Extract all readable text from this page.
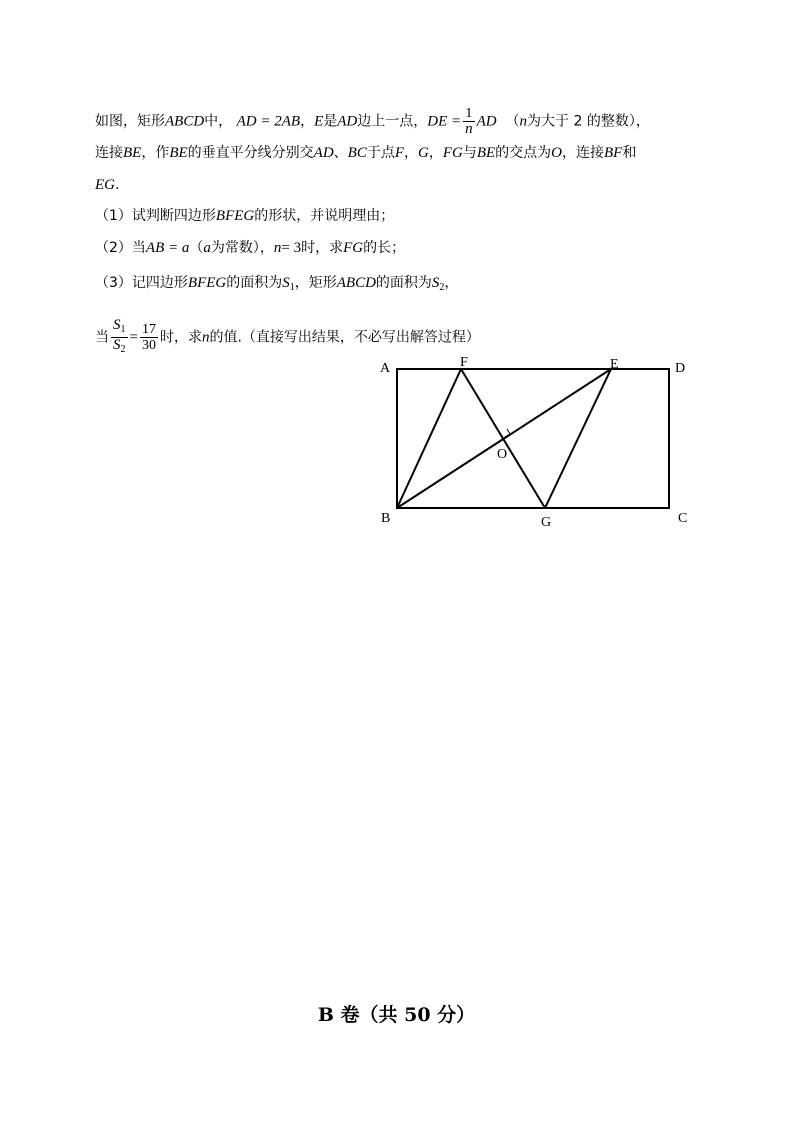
如图，矩形ABCD中， AD = 2AB，E是AD边上一点，DE = $\frac{1}{n}$ AD （n为大于 2 的整数），
连接BE，作BE的垂直平分线分别交AD、BC于点F，G，FG与BE的交点为O，连接BF和
EG.
（1）试判断四边形BFEG的形状，并说明理由；
（2）当AB = a（a为常数），n= 3时，求FG的长；
（3）记四边形BFEG的面积为$S_1$，矩形ABCD的面积为$S_2$，
当 $\frac{S_1}{S_2} = \frac{17}{30}$ 时，求n的值.（直接写出结果，不必写出解答过程）
A	F	E	D
O
B	G	C
B 卷（共 50 分）
